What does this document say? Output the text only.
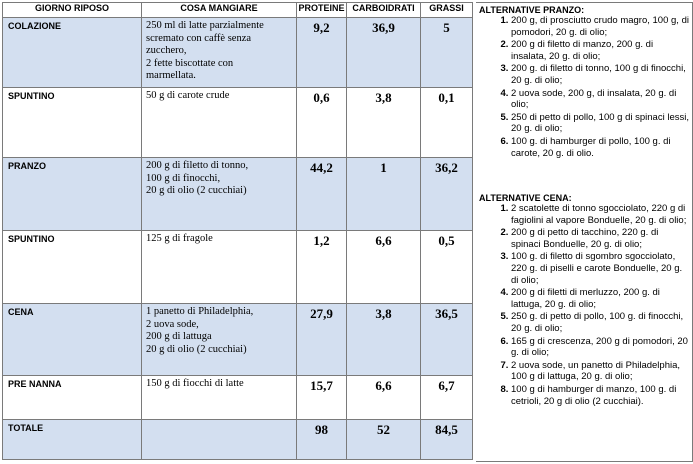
GIORNO RIPOSO	COSA MANGIARE	PROTEINE	CARBOIDRATI	GRASSI

COLAZIONE	250 ml di latte parzialmente
scremato con caffè senza
zucchero,
2 fette biscottate con
marmellata.	9,2	36,9	5

SPUNTINO	50 g di carote crude	0,6	3,8	0,1

PRANZO	200 g di filetto di tonno,
100 g di finocchi,
20 g di olio (2 cucchiai)	44,2	1	36,2

SPUNTINO	125 g di fragole	1,2	6,6	0,5

CENA	1 panetto di Philadelphia,
2 uova sode,
200 g di lattuga
20 g di olio (2 cucchiai)	27,9	3,8	36,5

PRE NANNA	150 g di fiocchi di latte	15,7	6,6	6,7

TOTALE		98	52	84,5
ALTERNATIVE PRANZO:
1. 200 g, di prosciutto crudo magro, 100 g, di pomodori, 20 g. di olio;
2. 200 g di filetto di manzo, 200 g. di insalata, 20 g. di olio;
3. 200 g. di filetto di tonno, 100 g di finocchi, 20 g. di olio;
4. 2 uova sode, 200 g, di insalata, 20 g. di olio;
5. 250 di petto di pollo, 100 g di spinaci lessi, 20 g. di olio;
6. 100 g. di hamburger di pollo, 100 g. di carote, 20 g. di olio.
ALTERNATIVE CENA:
1. 2 scatolette di tonno sgocciolato, 220 g di fagiolini al vapore Bonduelle, 20 g. di olio;
2. 200 g di petto di tacchino, 220 g. di spinaci Bonduelle, 20 g. di olio;
3. 100 g. di filetto di sgombro sgocciolato, 220 g. di piselli e carote Bonduelle, 20 g. di olio;
4. 200 g di filetti di merluzzo, 200 g. di lattuga, 20 g. di olio;
5. 250 g. di petto di pollo, 100 g. di finocchi, 20 g. di olio;
6. 165 g di crescenza, 200 g di pomodori, 20 g. di olio;
7. 2 uova sode, un panetto di Philadelphia, 100 g di lattuga, 20 g. di olio;
8. 100 g di hamburger di manzo, 100 g. di cetrioli, 20 g di olio (2 cucchiai).
